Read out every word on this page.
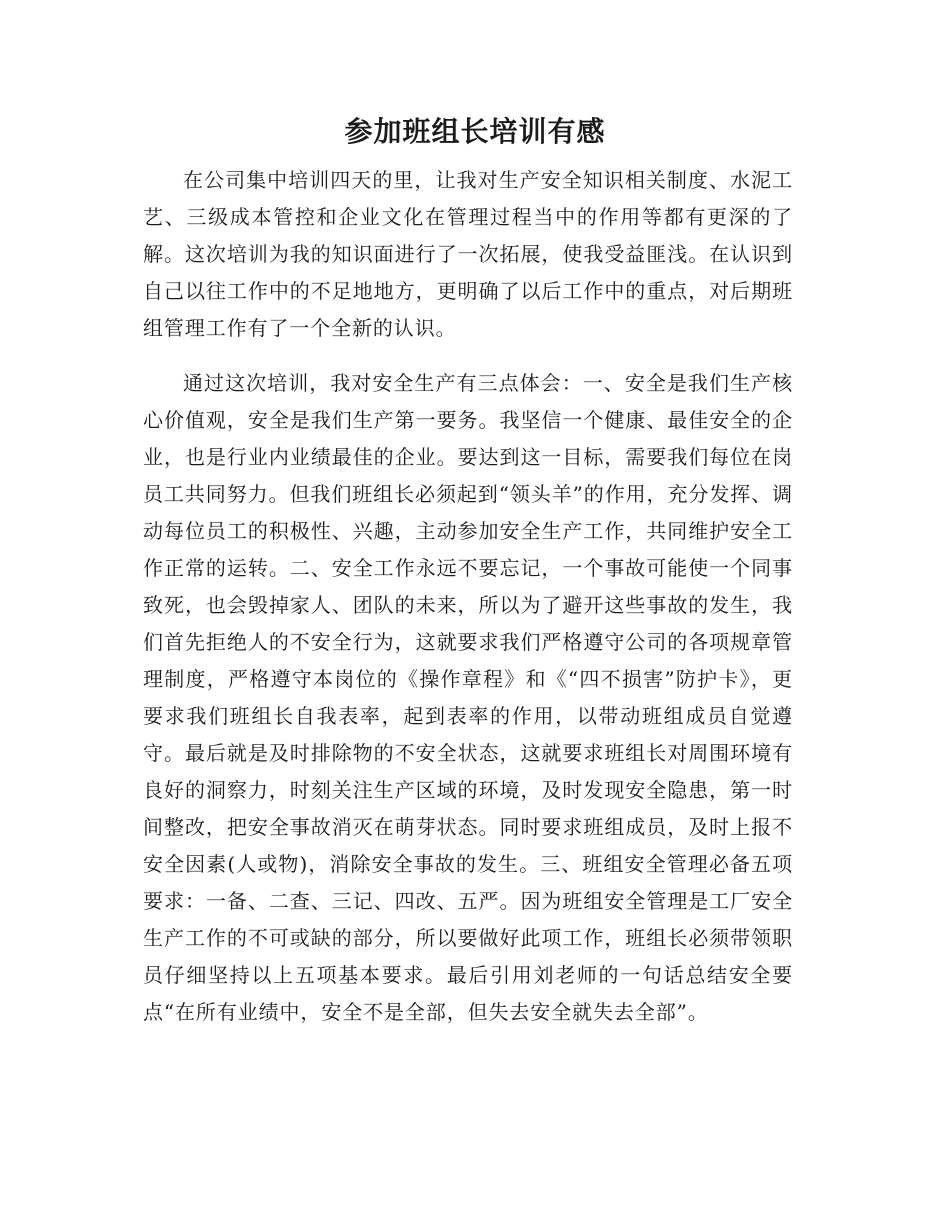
参加班组长培训有感

在公司集中培训四天的里，让我对生产安全知识相关制度、水泥工艺、三级成本管控和企业文化在管理过程当中的作用等都有更深的了解。这次培训为我的知识面进行了一次拓展，使我受益匪浅。在认识到自己以往工作中的不足地地方，更明确了以后工作中的重点，对后期班组管理工作有了一个全新的认识。

通过这次培训，我对安全生产有三点体会：一、安全是我们生产核心价值观，安全是我们生产第一要务。我坚信一个健康、最佳安全的企业，也是行业内业绩最佳的企业。要达到这一目标，需要我们每位在岗员工共同努力。但我们班组长必须起到“领头羊”的作用，充分发挥、调动每位员工的积极性、兴趣，主动参加安全生产工作，共同维护安全工作正常的运转。二、安全工作永远不要忘记，一个事故可能使一个同事致死，也会毁掉家人、团队的未来，所以为了避开这些事故的发生，我们首先拒绝人的不安全行为，这就要求我们严格遵守公司的各项规章管理制度，严格遵守本岗位的《操作章程》和《“四不损害”防护卡》，更要求我们班组长自我表率，起到表率的作用，以带动班组成员自觉遵守。最后就是及时排除物的不安全状态，这就要求班组长对周围环境有良好的洞察力，时刻关注生产区域的环境，及时发现安全隐患，第一时间整改，把安全事故消灭在萌芽状态。同时要求班组成员，及时上报不安全因素(人或物)，消除安全事故的发生。三、班组安全管理必备五项要求：一备、二查、三记、四改、五严。因为班组安全管理是工厂安全生产工作的不可或缺的部分，所以要做好此项工作，班组长必须带领职员仔细坚持以上五项基本要求。最后引用刘老师的一句话总结安全要点“在所有业绩中，安全不是全部，但失去安全就失去全部”。
